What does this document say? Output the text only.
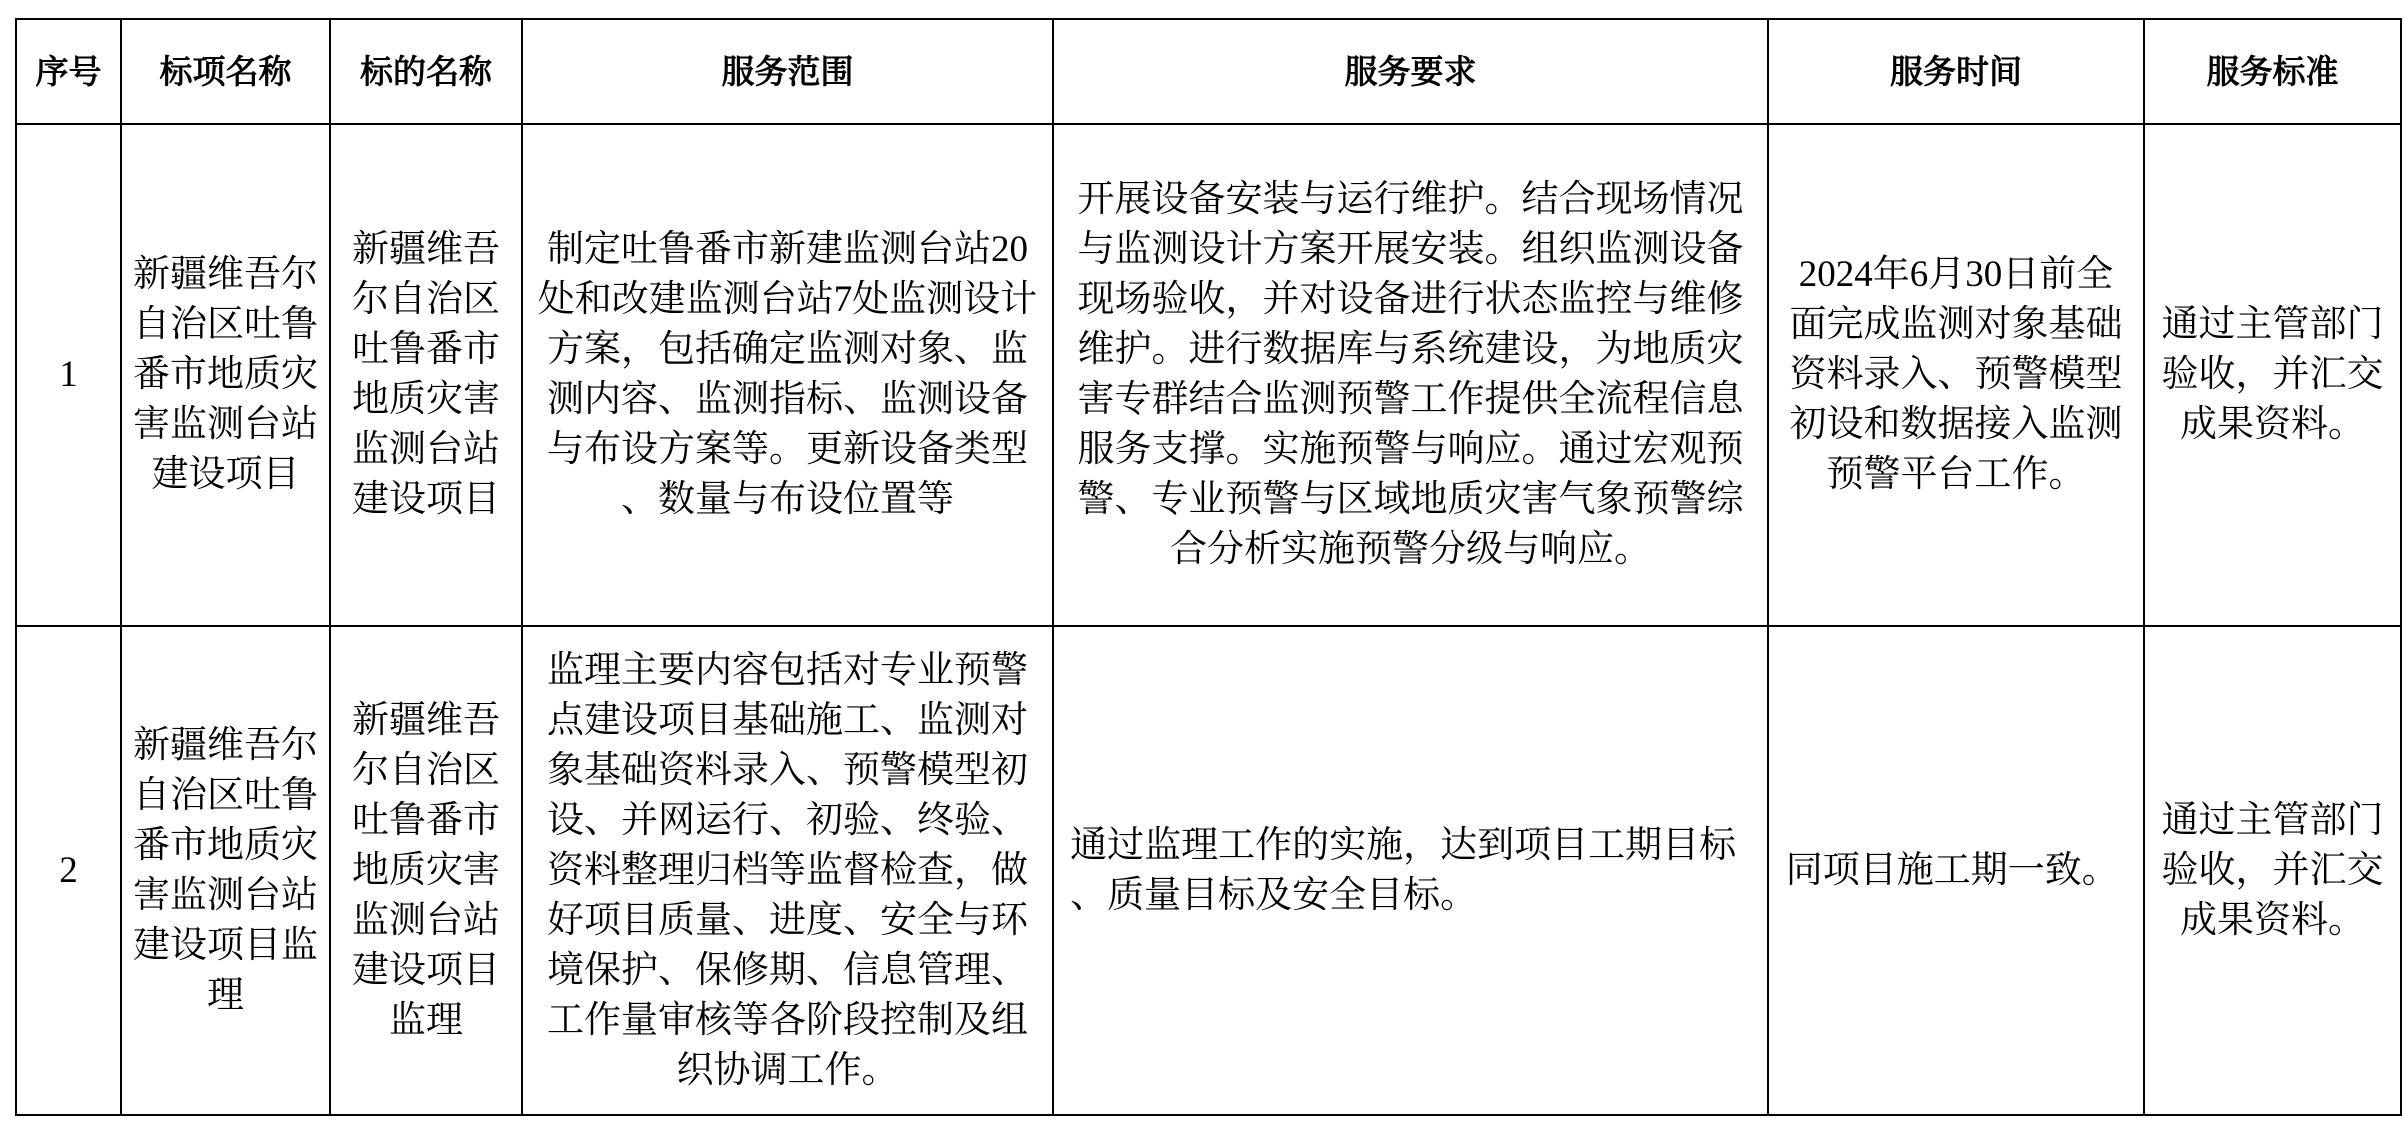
序号	标项名称	标的名称	服务范围	服务要求	服务时间	服务标准

1	新疆维吾尔自治区吐鲁番市地质灾害监测台站建设项目	新疆维吾尔自治区吐鲁番市地质灾害监测台站建设项目	制定吐鲁番市新建监测台站20处和改建监测台站7处监测设计方案，包括确定监测对象、监测内容、监测指标、监测设备与布设方案等。更新设备类型、数量与布设位置等	开展设备安装与运行维护。结合现场情况与监测设计方案开展安装。组织监测设备现场验收，并对设备进行状态监控与维修维护。进行数据库与系统建设，为地质灾害专群结合监测预警工作提供全流程信息服务支撑。实施预警与响应。通过宏观预警、专业预警与区域地质灾害气象预警综合分析实施预警分级与响应。	2024年6月30日前全面完成监测对象基础资料录入、预警模型初设和数据接入监测预警平台工作。	通过主管部门验收，并汇交成果资料。

2	新疆维吾尔自治区吐鲁番市地质灾害监测台站建设项目监理	新疆维吾尔自治区吐鲁番市地质灾害监测台站建设项目监理	监理主要内容包括对专业预警点建设项目基础施工、监测对象基础资料录入、预警模型初设、并网运行、初验、终验、资料整理归档等监督检查，做好项目质量、进度、安全与环境保护、保修期、信息管理、工作量审核等各阶段控制及组织协调工作。	通过监理工作的实施，达到项目工期目标、质量目标及安全目标。	同项目施工期一致。	通过主管部门验收，并汇交成果资料。
